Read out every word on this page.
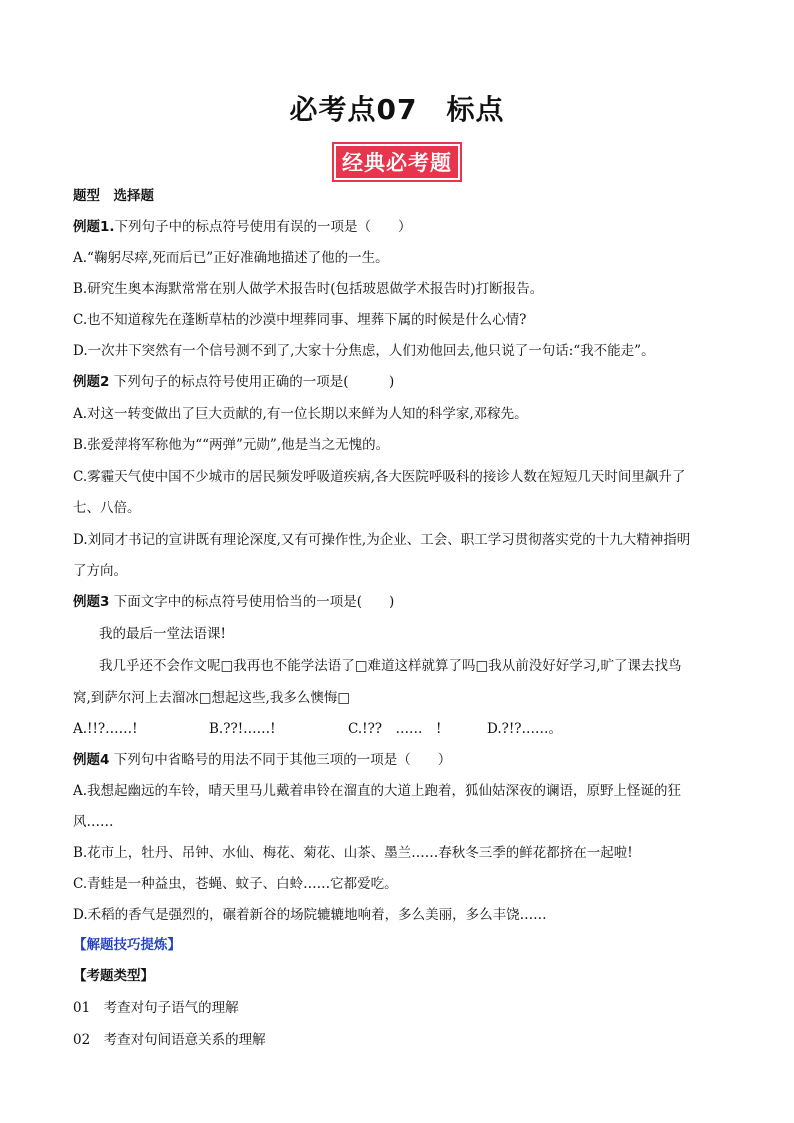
必考点07　标点
经典必考题
题型　选择题
例题1.下列句子中的标点符号使用有误的一项是（　　）
A.“鞠躬尽瘁,死而后已”正好准确地描述了他的一生。
B.研究生奥本海默常常在别人做学术报告时(包括玻恩做学术报告时)打断报告。
C.也不知道稼先在蓬断草枯的沙漠中埋葬同事、埋葬下属的时候是什么心情?
D.一次井下突然有一个信号测不到了,大家十分焦虑，人们劝他回去,他只说了一句话:“我不能走”。
例题2 下列句子的标点符号使用正确的一项是(　　　)
A.对这一转变做出了巨大贡献的,有一位长期以来鲜为人知的科学家,邓稼先。
B.张爱萍将军称他为““两弹”元勋”,他是当之无愧的。
C.雾霾天气使中国不少城市的居民频发呼吸道疾病,各大医院呼吸科的接诊人数在短短几天时间里飙升了
七、八倍。
D.刘同才书记的宣讲既有理论深度,又有可操作性,为企业、工会、职工学习贯彻落实党的十九大精神指明
了方向。
例题3 下面文字中的标点符号使用恰当的一项是(　　)
我的最后一堂法语课!
我几乎还不会作文呢□我再也不能学法语了□难道这样就算了吗□我从前没好好学习,旷了课去找鸟
窝,到萨尔河上去溜冰□想起这些,我多么懊悔□
A.!!?……!	B.??!……!	C.!??　……　!	D.?!?……。
例题4 下列句中省略号的用法不同于其他三项的一项是（　　）
A.我想起幽远的车铃，晴天里马儿戴着串铃在溜直的大道上跑着，狐仙姑深夜的谰语，原野上怪诞的狂
风……
B.花市上，牡丹、吊钟、水仙、梅花、菊花、山茶、墨兰……春秋冬三季的鲜花都挤在一起啦!
C.青蛙是一种益虫，苍蝇、蚊子、白蛉……它都爱吃。
D.禾稻的香气是强烈的，碾着新谷的场院辘辘地响着，多么美丽，多么丰饶……
【解题技巧提炼】
【考题类型】
01　考查对句子语气的理解
02　考查对句间语意关系的理解
